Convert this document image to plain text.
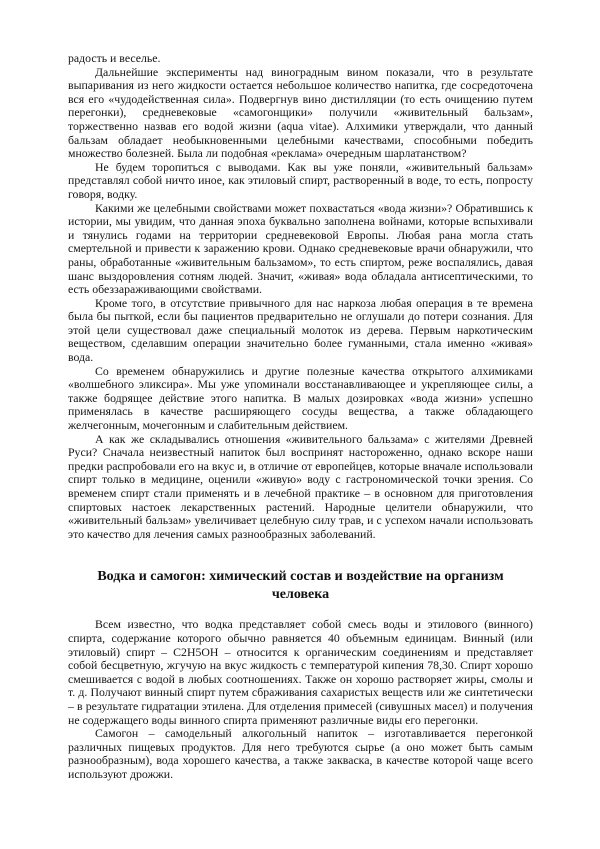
радость и веселье.

Дальнейшие эксперименты над виноградным вином показали, что в результате выпаривания из него жидкости остается небольшое количество напитка, где сосредоточена вся его «чудодейственная сила». Подвергнув вино дистилляции (то есть очищению путем перегонки), средневековые «самогонщики» получили «живительный бальзам», торжественно назвав его водой жизни (aqua vitae). Алхимики утверждали, что данный бальзам обладает необыкновенными целебными качествами, способными победить множество болезней. Была ли подобная «реклама» очередным шарлатанством?

Не будем торопиться с выводами. Как вы уже поняли, «живительный бальзам» представлял собой ничто иное, как этиловый спирт, растворенный в воде, то есть, попросту говоря, водку.

Какими же целебными свойствами может похвастаться «вода жизни»? Обратившись к истории, мы увидим, что данная эпоха буквально заполнена войнами, которые вспыхивали и тянулись годами на территории средневековой Европы. Любая рана могла стать смертельной и привести к заражению крови. Однако средневековые врачи обнаружили, что раны, обработанные «живительным бальзамом», то есть спиртом, реже воспалялись, давая шанс выздоровления сотням людей. Значит, «живая» вода обладала антисептическими, то есть обеззараживающими свойствами.

Кроме того, в отсутствие привычного для нас наркоза любая операция в те времена была бы пыткой, если бы пациентов предварительно не оглушали до потери сознания. Для этой цели существовал даже специальный молоток из дерева. Первым наркотическим веществом, сделавшим операции значительно более гуманными, стала именно «живая» вода.

Со временем обнаружились и другие полезные качества открытого алхимиками «волшебного эликсира». Мы уже упоминали восстанавливающее и укрепляющее силы, а также бодрящее действие этого напитка. В малых дозировках «вода жизни» успешно применялась в качестве расширяющего сосуды вещества, а также обладающего желчегонным, мочегонным и слабительным действием.

А как же складывались отношения «живительного бальзама» с жителями Древней Руси? Сначала неизвестный напиток был воспринят настороженно, однако вскоре наши предки распробовали его на вкус и, в отличие от европейцев, которые вначале использовали спирт только в медицине, оценили «живую» воду с гастрономической точки зрения. Со временем спирт стали применять и в лечебной практике – в основном для приготовления спиртовых настоек лекарственных растений. Народные целители обнаружили, что «живительный бальзам» увеличивает целебную силу трав, и с успехом начали использовать это качество для лечения самых разнообразных заболеваний.

Водка и самогон: химический состав и воздействие на организм человека

Всем известно, что водка представляет собой смесь воды и этилового (винного) спирта, содержание которого обычно равняется 40 объемным единицам. Винный (или этиловый) спирт – C2H5OH – относится к органическим соединениям и представляет собой бесцветную, жгучую на вкус жидкость с температурой кипения 78,30. Спирт хорошо смешивается с водой в любых соотношениях. Также он хорошо растворяет жиры, смолы и т. д. Получают винный спирт путем сбраживания сахаристых веществ или же синтетически – в результате гидратации этилена. Для отделения примесей (сивушных масел) и получения не содержащего воды винного спирта применяют различные виды его перегонки.

Самогон – самодельный алкогольный напиток – изготавливается перегонкой различных пищевых продуктов. Для него требуются сырье (а оно может быть самым разнообразным), вода хорошего качества, а также закваска, в качестве которой чаще всего используют дрожжи.
